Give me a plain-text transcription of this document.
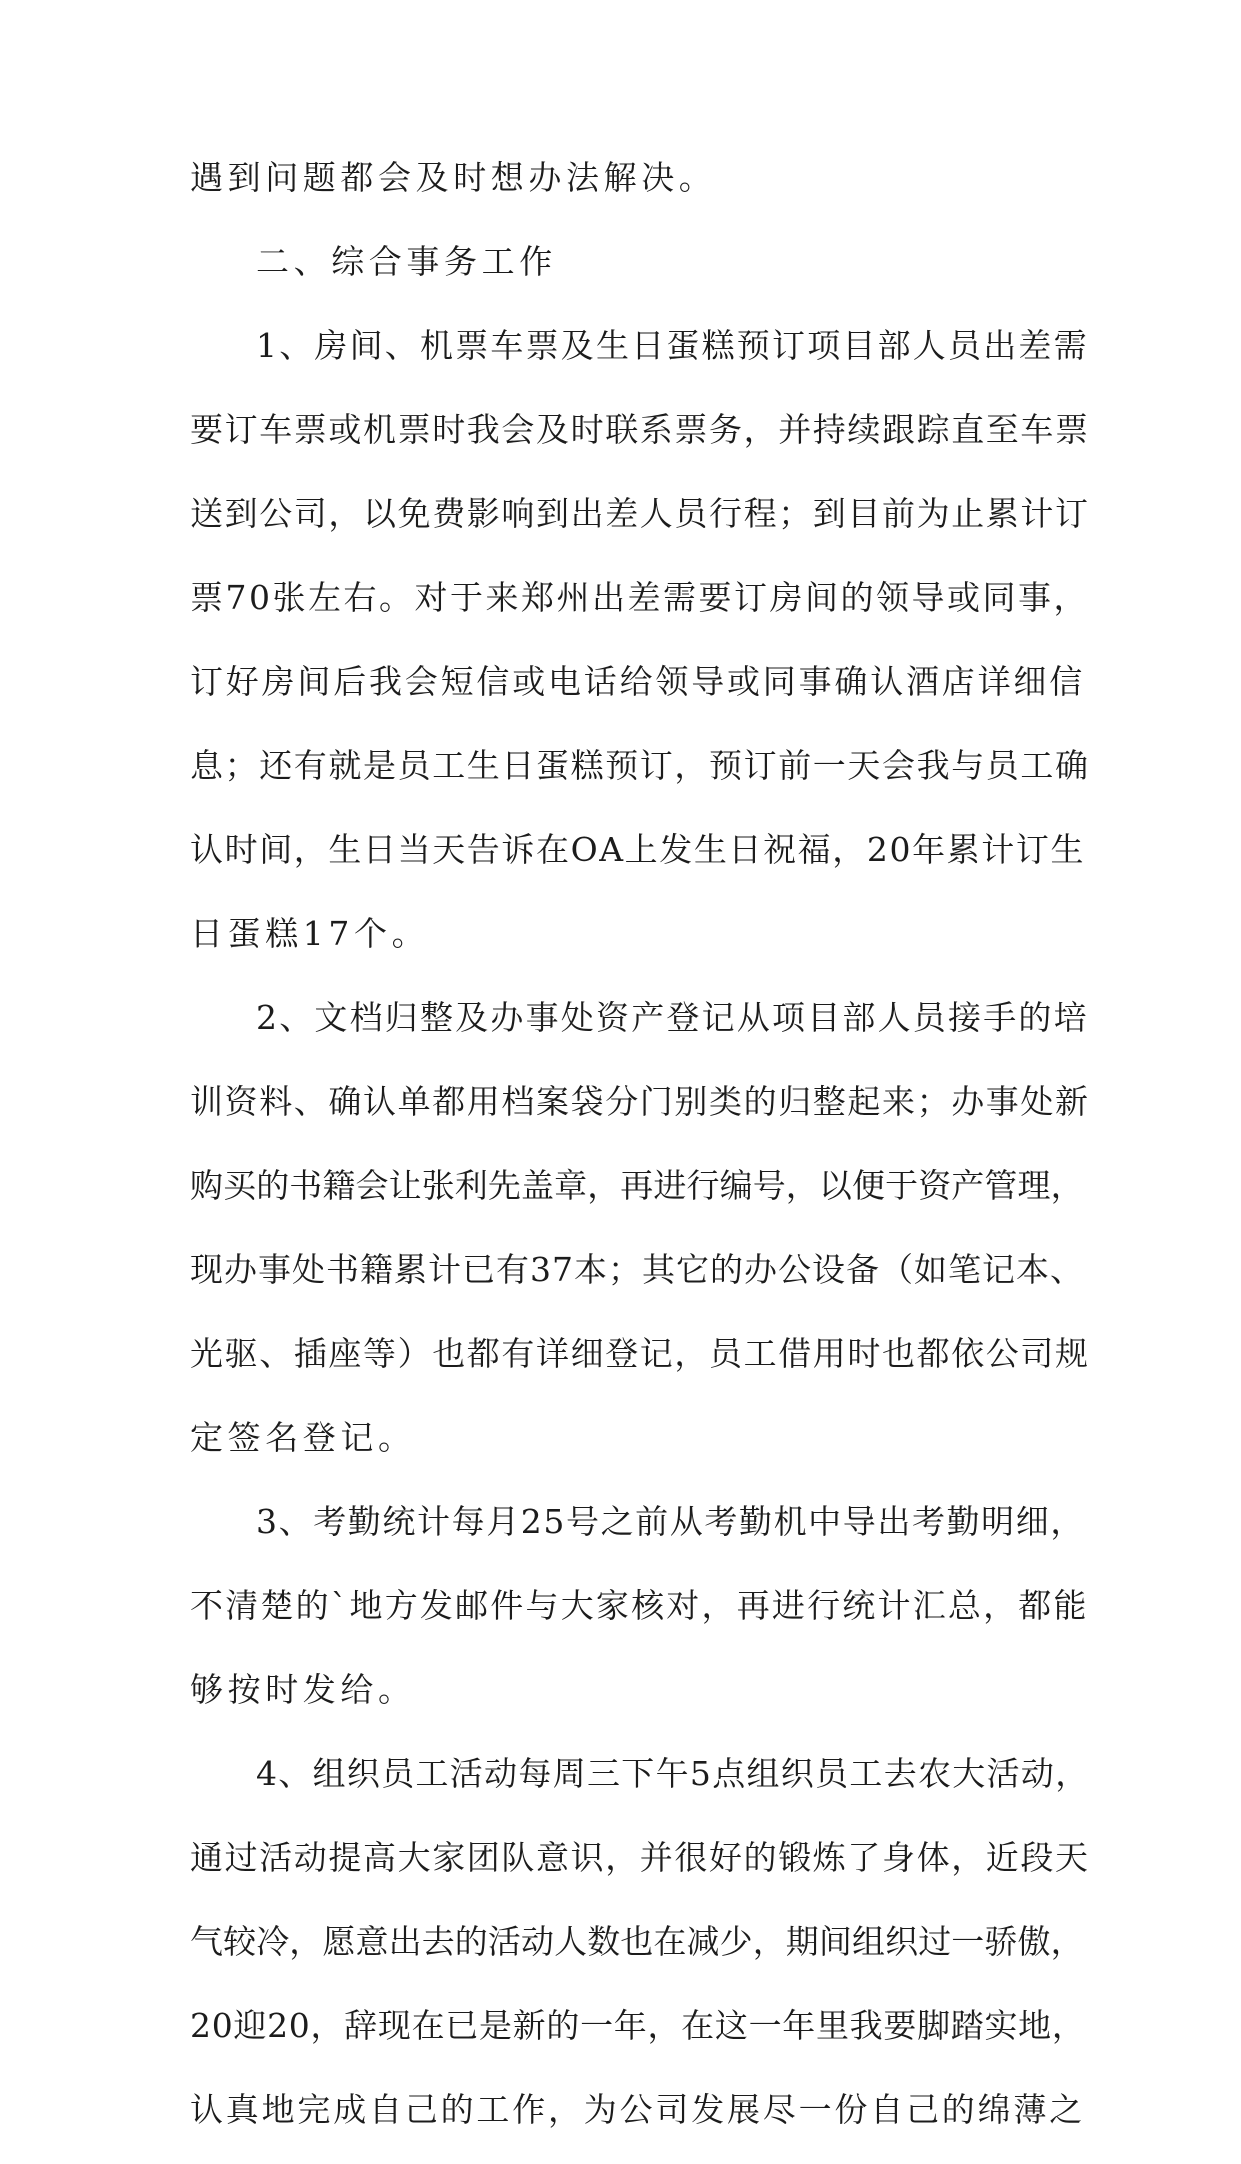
遇到问题都会及时想办法解决。
二、综合事务工作
1、房间、机票车票及生日蛋糕预订项目部人员出差需
要订车票或机票时我会及时联系票务，并持续跟踪直至车票
送到公司，以免费影响到出差人员行程；到目前为止累计订
票70张左右。对于来郑州出差需要订房间的领导或同事，
订好房间后我会短信或电话给领导或同事确认酒店详细信
息；还有就是员工生日蛋糕预订，预订前一天会我与员工确
认时间，生日当天告诉在OA上发生日祝福，20年累计订生
日蛋糕17个。
2、文档归整及办事处资产登记从项目部人员接手的培
训资料、确认单都用档案袋分门别类的归整起来；办事处新
购买的书籍会让张利先盖章，再进行编号，以便于资产管理，
现办事处书籍累计已有37本；其它的办公设备（如笔记本、
光驱、插座等）也都有详细登记，员工借用时也都依公司规
定签名登记。
3、考勤统计每月25号之前从考勤机中导出考勤明细，
不清楚的`地方发邮件与大家核对，再进行统计汇总，都能
够按时发给。
4、组织员工活动每周三下午5点组织员工去农大活动，
通过活动提高大家团队意识，并很好的锻炼了身体，近段天
气较冷，愿意出去的活动人数也在减少，期间组织过一骄傲，
20迎20，辞现在已是新的一年，在这一年里我要脚踏实地，
认真地完成自己的工作，为公司发展尽一份自己的绵薄之
